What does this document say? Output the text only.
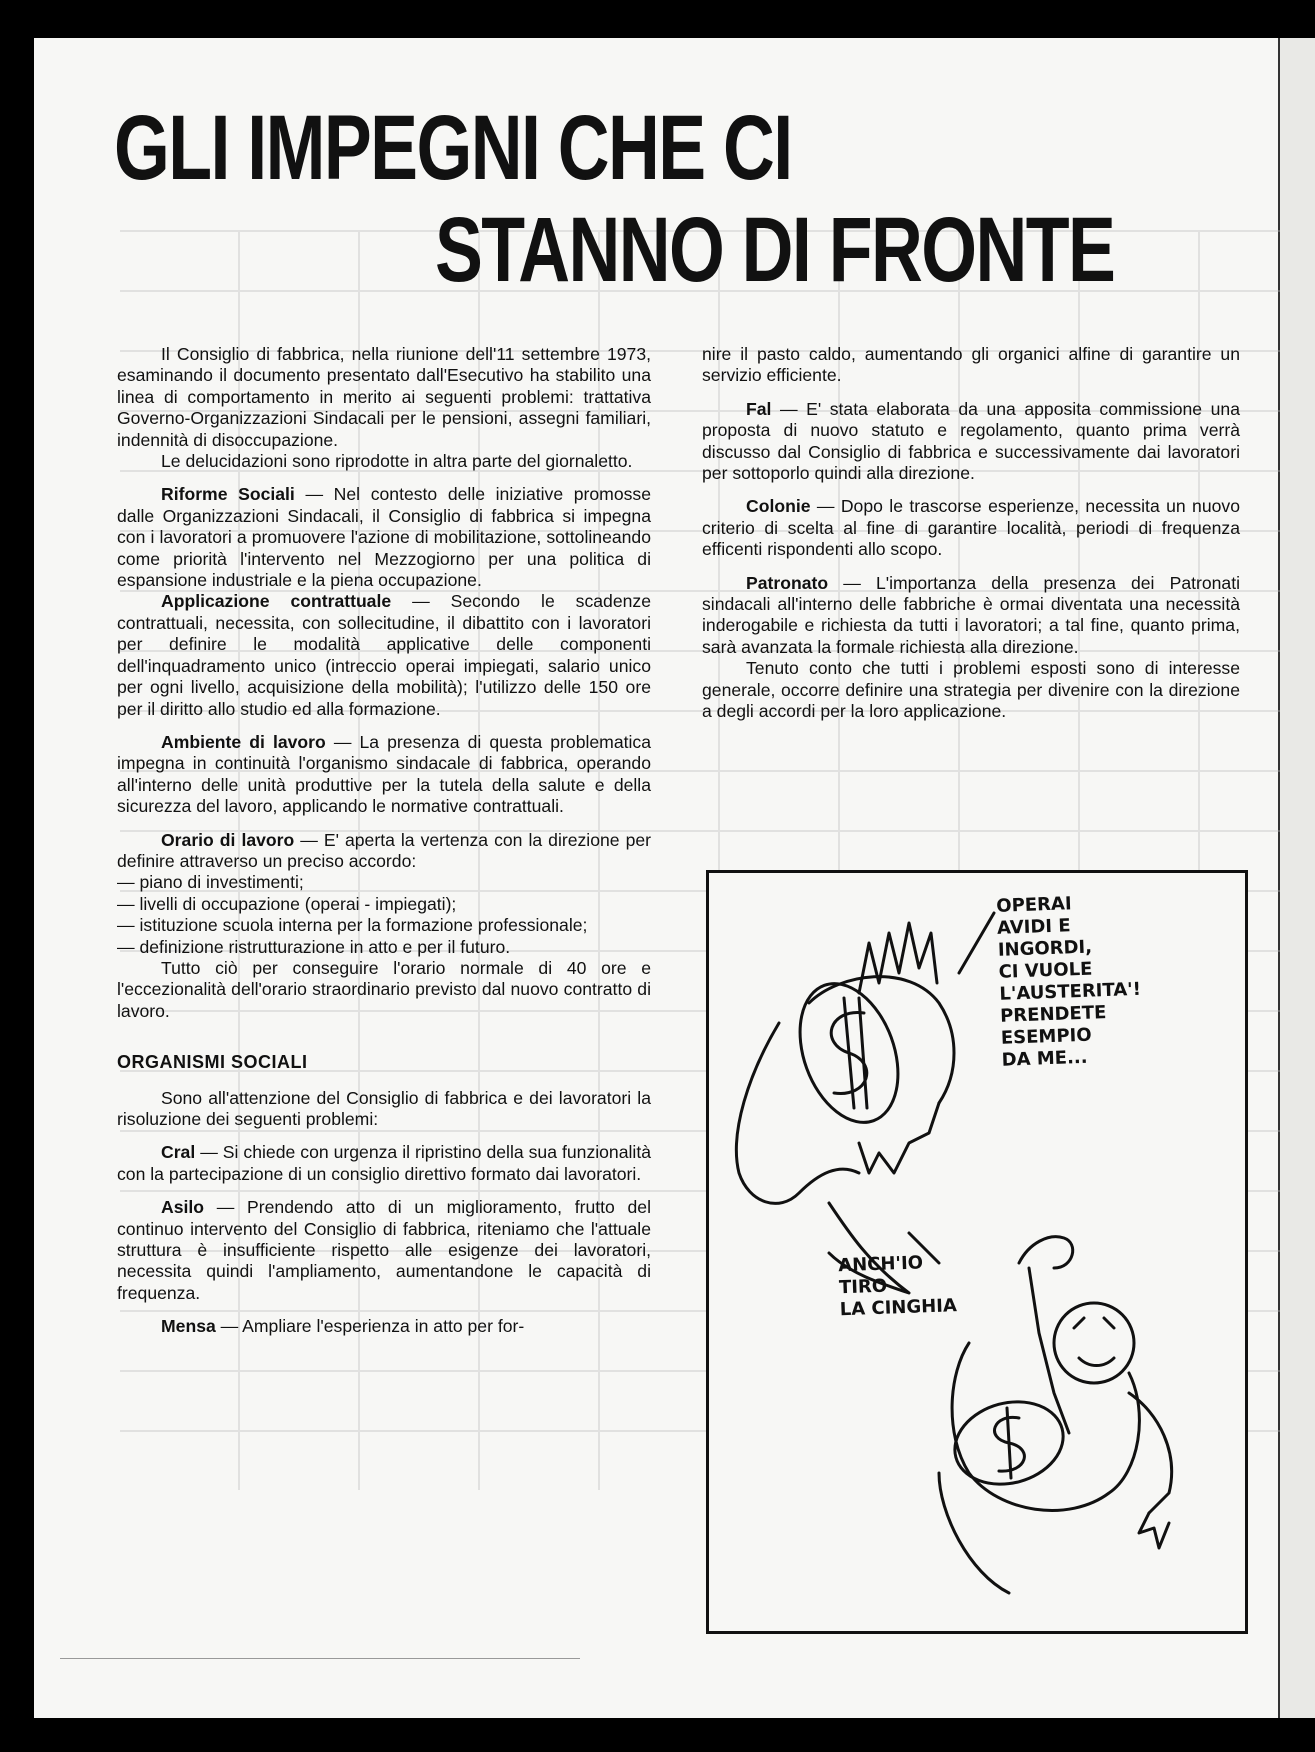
GLI IMPEGNI CHE CI
STANNO DI FRONTE

Il Consiglio di fabbrica, nella riunione dell'11 settembre 1973, esaminando il documento presentato dall'Esecutivo ha stabilito una linea di comportamento in merito ai seguenti problemi: trattativa Governo-Organizzazioni Sindacali per le pensioni, assegni familiari, indennità di disoccupazione.

Le delucidazioni sono riprodotte in altra parte del giornaletto.

Riforme Sociali — Nel contesto delle iniziative promosse dalle Organizzazioni Sindacali, il Consiglio di fabbrica si impegna con i lavoratori a promuovere l'azione di mobilitazione, sottolineando come priorità l'intervento nel Mezzogiorno per una politica di espansione industriale e la piena occupazione.

Applicazione contrattuale — Secondo le scadenze contrattuali, necessita, con sollecitudine, il dibattito con i lavoratori per definire le modalità applicative delle componenti dell'inquadramento unico (intreccio operai impiegati, salario unico per ogni livello, acquisizione della mobilità); l'utilizzo delle 150 ore per il diritto allo studio ed alla formazione.

Ambiente di lavoro — La presenza di questa problematica impegna in continuità l'organismo sindacale di fabbrica, operando all'interno delle unità produttive per la tutela della salute e della sicurezza del lavoro, applicando le normative contrattuali.

Orario di lavoro — E' aperta la vertenza con la direzione per definire attraverso un preciso accordo:

— piano di investimenti;
— livelli di occupazione (operai - impiegati);
— istituzione scuola interna per la formazione professionale;
— definizione ristrutturazione in atto e per il futuro.

Tutto ciò per conseguire l'orario normale di 40 ore e l'eccezionalità dell'orario straordinario previsto dal nuovo contratto di lavoro.

ORGANISMI SOCIALI

Sono all'attenzione del Consiglio di fabbrica e dei lavoratori la risoluzione dei seguenti problemi:

Cral — Si chiede con urgenza il ripristino della sua funzionalità con la partecipazione di un consiglio direttivo formato dai lavoratori.

Asilo — Prendendo atto di un miglioramento, frutto del continuo intervento del Consiglio di fabbrica, riteniamo che l'attuale struttura è insufficiente rispetto alle esigenze dei lavoratori, necessita quindi l'ampliamento, aumentandone le capacità di frequenza.

Mensa — Ampliare l'esperienza in atto per for-

nire il pasto caldo, aumentando gli organici alfine di garantire un servizio efficiente.

Fal — E' stata elaborata da una apposita commissione una proposta di nuovo statuto e regolamento, quanto prima verrà discusso dal Consiglio di fabbrica e successivamente dai lavoratori per sottoporlo quindi alla direzione.

Colonie — Dopo le trascorse esperienze, necessita un nuovo criterio di scelta al fine di garantire località, periodi di frequenza efficenti rispondenti allo scopo.

Patronato — L'importanza della presenza dei Patronati sindacali all'interno delle fabbriche è ormai diventata una necessità inderogabile e richiesta da tutti i lavoratori; a tal fine, quanto prima, sarà avanzata la formale richiesta alla direzione.

Tenuto conto che tutti i problemi esposti sono di interesse generale, occorre definire una strategia per divenire con la direzione a degli accordi per la loro applicazione.

OPERAI
AVIDI E
INGORDI,
CI VUOLE
L'AUSTERITA'!
PRENDETE
ESEMPIO
DA ME...
ANCH'IO
TIRO
LA CINGHIA
